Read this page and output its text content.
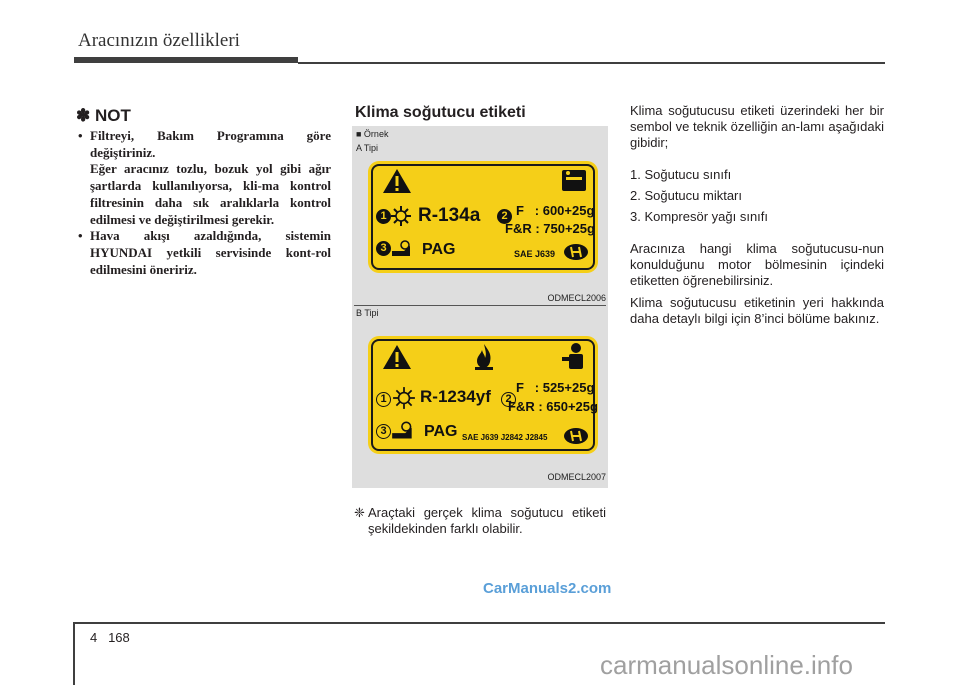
Aracınızın özellikleri
✽ NOT

• Filtreyi, Bakım Programına göre değiştiriniz.

Eğer aracınız tozlu, bozuk yol gibi ağır şartlarda kullanılıyorsa, kli-ma kontrol filtresinin daha sık aralıklarla kontrol edilmesi ve değiştirilmesi gerekir.

• Hava akışı azaldığında, sistemin HYUNDAI yetkili servisinde kont-rol edilmesini öneririz.

Klima soğutucu etiketi
■ Örnek
A Tipi
1 R-134a	2 F   : 600+25g
F&R : 750+25g
3 PAG	SAE J639
ODMECL2006
B Tipi
1 R-1234yf	2
F   : 525+25g
F&R : 650+25g
3 PAG SAE J639 J2842 J2845
ODMECL2007
❈ Araçtaki gerçek klima soğutucu etiketi şekildekinden farklı olabilir.

Klima soğutucusu etiketi üzerindeki her bir sembol ve teknik özelliğin an-lamı aşağıdaki gibidir;

1. Soğutucu sınıfı
2. Soğutucu miktarı
3. Kompresör yağı sınıfı

Aracınıza hangi klima soğutucusu-nun konulduğunu motor bölmesinin içindeki etiketten öğrenebilirsiniz.

Klima soğutucusu etiketinin yeri hakkında daha detaylı bilgi için 8’inci bölüme bakınız.

CarManuals2.com
4 168
carmanualsonline.info
